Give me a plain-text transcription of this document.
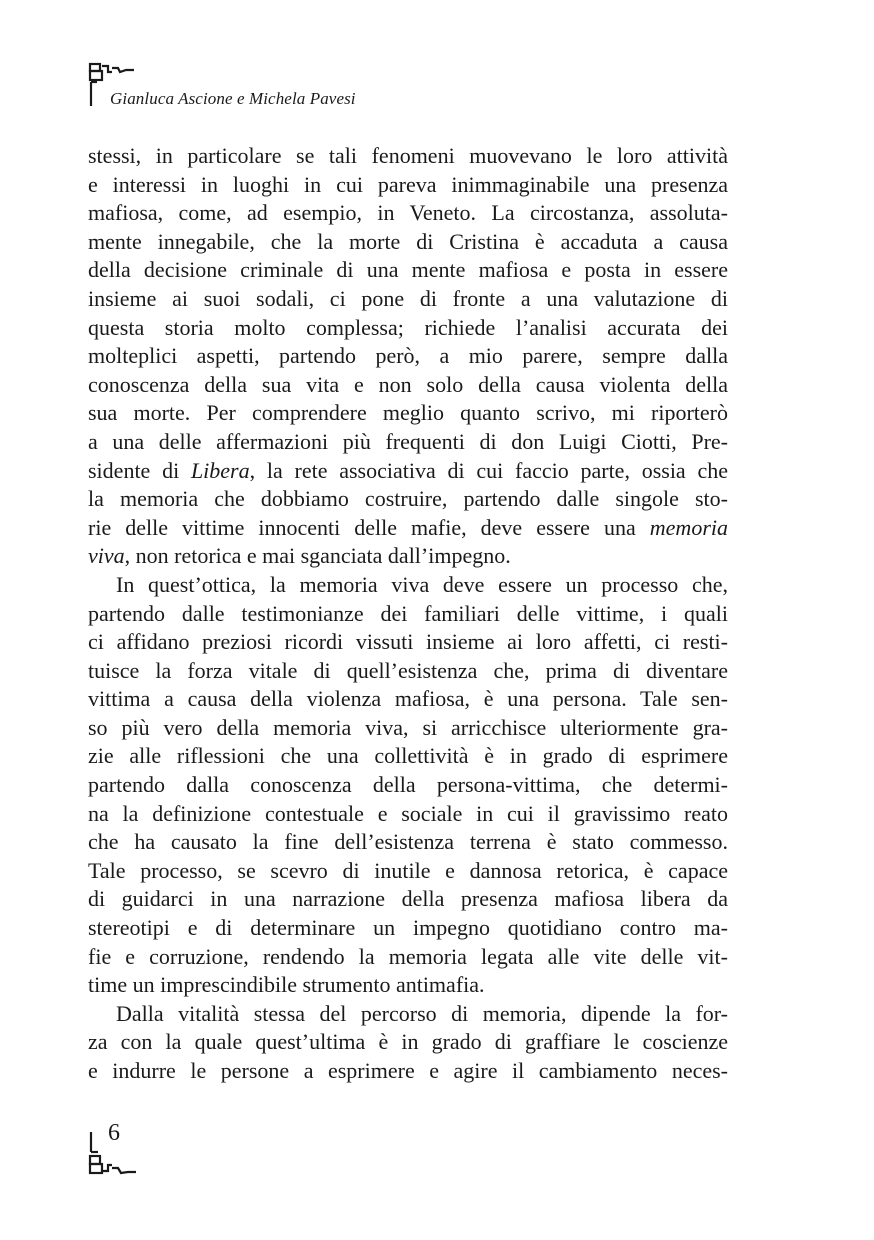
Gianluca Ascione e Michela Pavesi
stessi, in particolare se tali fenomeni muovevano le loro attività
e interessi in luoghi in cui pareva inimmaginabile una presenza
mafiosa, come, ad esempio, in Veneto. La circostanza, assoluta-
mente innegabile, che la morte di Cristina è accaduta a causa
della decisione criminale di una mente mafiosa e posta in essere
insieme ai suoi sodali, ci pone di fronte a una valutazione di
questa storia molto complessa; richiede l’analisi accurata dei
molteplici aspetti, partendo però, a mio parere, sempre dalla
conoscenza della sua vita e non solo della causa violenta della
sua morte. Per comprendere meglio quanto scrivo, mi riporterò
a una delle affermazioni più frequenti di don Luigi Ciotti, Pre-
sidente di Libera, la rete associativa di cui faccio parte, ossia che
la memoria che dobbiamo costruire, partendo dalle singole sto-
rie delle vittime innocenti delle mafie, deve essere una memoria
viva, non retorica e mai sganciata dall’impegno.
In quest’ottica, la memoria viva deve essere un processo che,
partendo dalle testimonianze dei familiari delle vittime, i quali
ci affidano preziosi ricordi vissuti insieme ai loro affetti, ci resti-
tuisce la forza vitale di quell’esistenza che, prima di diventare
vittima a causa della violenza mafiosa, è una persona. Tale sen-
so più vero della memoria viva, si arricchisce ulteriormente gra-
zie alle riflessioni che una collettività è in grado di esprimere
partendo dalla conoscenza della persona-vittima, che determi-
na la definizione contestuale e sociale in cui il gravissimo reato
che ha causato la fine dell’esistenza terrena è stato commesso.
Tale processo, se scevro di inutile e dannosa retorica, è capace
di guidarci in una narrazione della presenza mafiosa libera da
stereotipi e di determinare un impegno quotidiano contro ma-
fie e corruzione, rendendo la memoria legata alle vite delle vit-
time un imprescindibile strumento antimafia.
Dalla vitalità stessa del percorso di memoria, dipende la for-
za con la quale quest’ultima è in grado di graffiare le coscienze
e indurre le persone a esprimere e agire il cambiamento neces-
6
